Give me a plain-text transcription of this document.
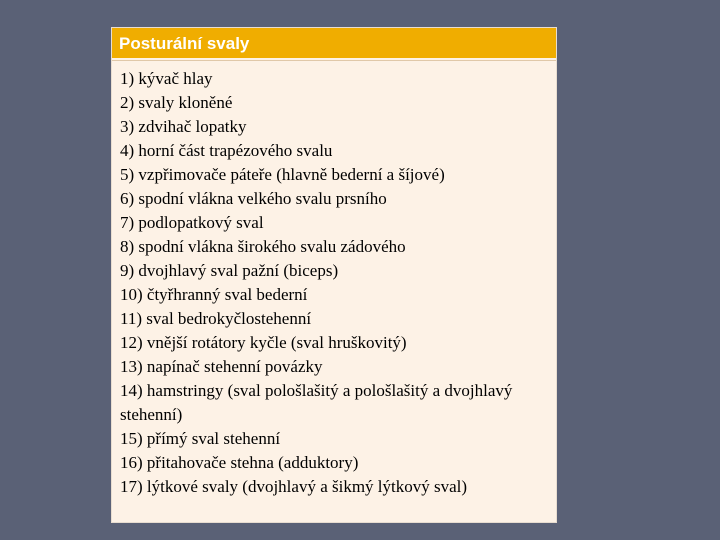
Posturální svaly
1) kývač hlay
2) svaly kloněné
3) zdvihač lopatky
4) horní část trapézového svalu
5) vzpřimovače páteře (hlavně bederní a šíjové)
6) spodní vlákna velkého svalu prsního
7) podlopatkový sval
8) spodní vlákna širokého svalu zádového
9) dvojhlavý sval pažní (biceps)
10) čtyřhranný sval bederní
11) sval bedrokyčlostehenní
12) vnější rotátory kyčle (sval hruškovitý)
13) napínač stehenní povázky
14) hamstringy (sval pološlašitý a pološlašitý a dvojhlavý stehenní)
15) přímý sval stehenní
16) přitahovače stehna (adduktory)
17) lýtkové svaly (dvojhlavý a šikmý lýtkový sval)
